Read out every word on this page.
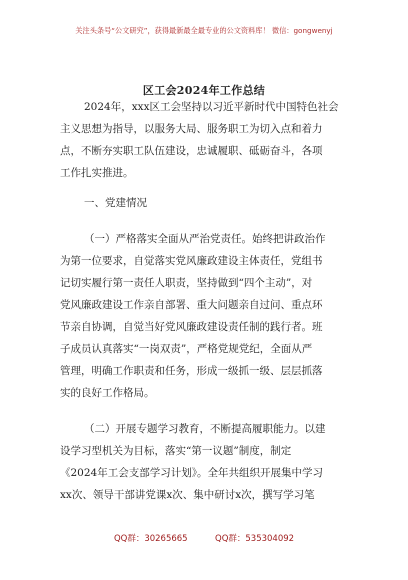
关注头条号“公文研究”，获得最新最全最专业的公文资料库！ 微信：gongwenyj
区工会2024年工作总结
2024年，xxx区工会坚持以习近平新时代中国特色社会
主义思想为指导，以服务大局、服务职工为切入点和着力
点，不断夯实职工队伍建设，忠诚履职、砥砺奋斗，各项
工作扎实推进。
一、党建情况
（一）严格落实全面从严治党责任。始终把讲政治作
为第一位要求，自觉落实党风廉政建设主体责任，党组书
记切实履行第一责任人职责，坚持做到“四个主动”，对
党风廉政建设工作亲自部署、重大问题亲自过问、重点环
节亲自协调，自觉当好党风廉政建设责任制的践行者。班
子成员认真落实“一岗双责”，严格党规党纪，全面从严
管理，明确工作职责和任务，形成一级抓一级、层层抓落
实的良好工作格局。
（二）开展专题学习教育，不断提高履职能力。以建
设学习型机关为目标，落实“第一议题”制度，制定
《2024年工会支部学习计划》。全年共组织开展集中学习
xx次、领导干部讲党课x次、集中研讨x次，撰写学习笔
QQ群：30265665	QQ群：535304092
